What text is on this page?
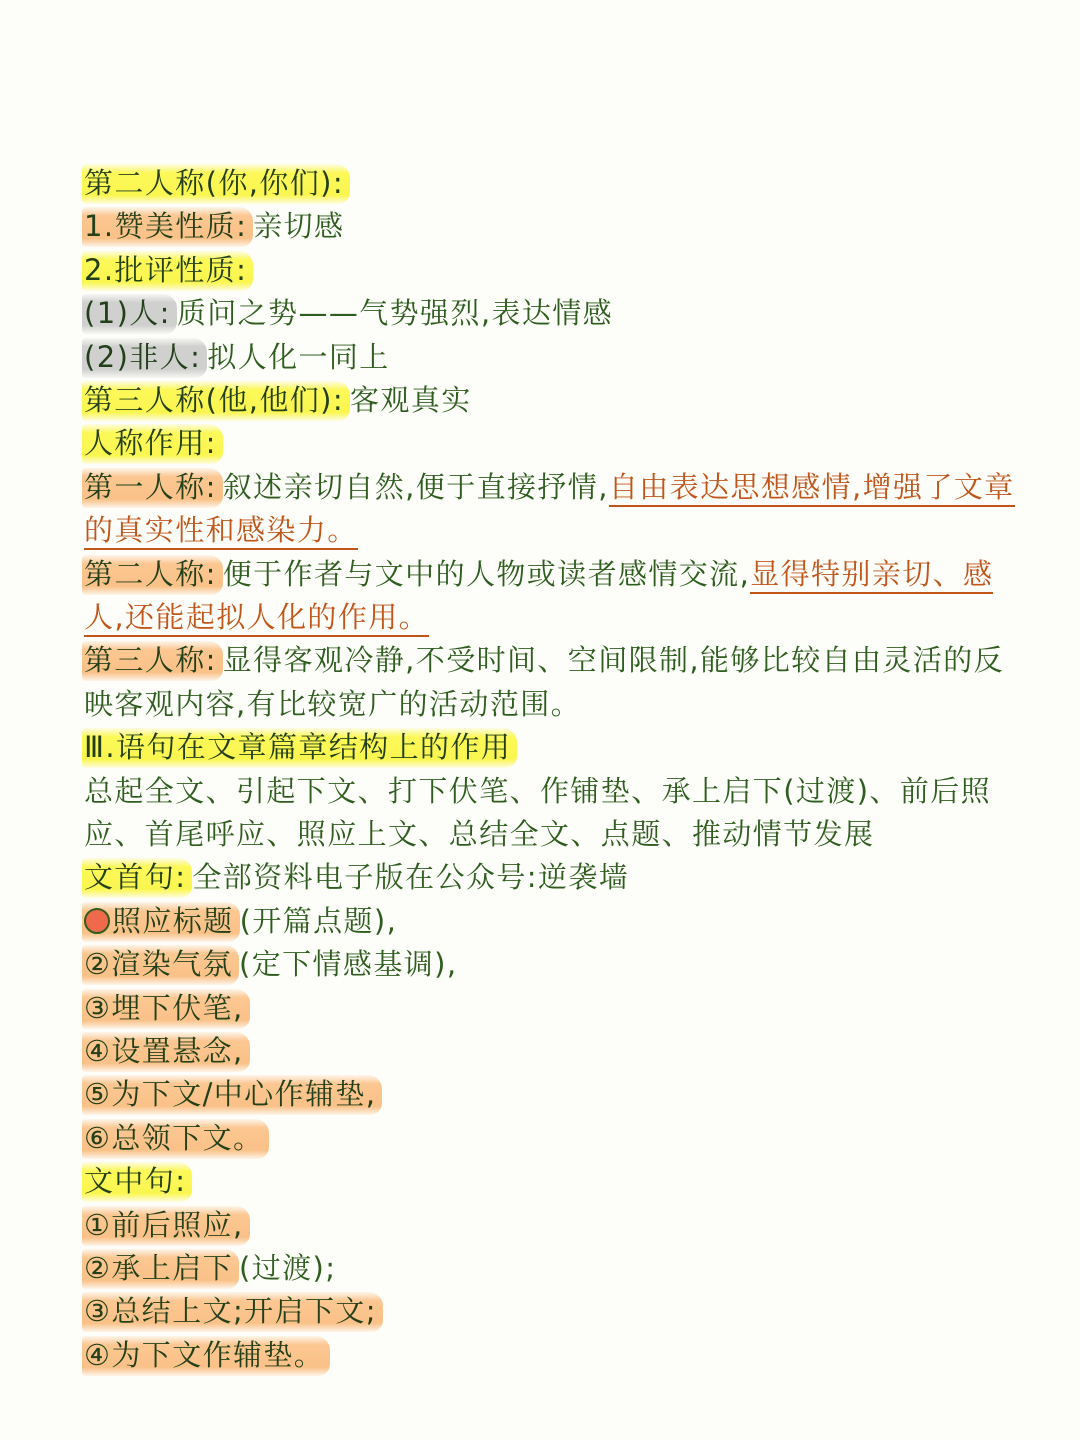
第二人称(你,你们):
1.赞美性质: 亲切感
2.批评性质:
(1)人: 质问之势——气势强烈,表达情感
(2)非人: 拟人化一同上
第三人称(他,他们): 客观真实
人称作用:
第一人称: 叙述亲切自然,便于直接抒情,自由表达思想感情,增强了文章的真实性和感染力。
第二人称: 便于作者与文中的人物或读者感情交流,显得特别亲切、感人,还能起拟人化的作用。
第三人称: 显得客观冷静,不受时间、空间限制,能够比较自由灵活的反映客观内容,有比较宽广的活动范围。
Ⅲ.语句在文章篇章结构上的作用
总起全文、引起下文、打下伏笔、作铺垫、承上启下(过渡)、前后照应、首尾呼应、照应上文、总结全文、点题、推动情节发展
文首句: 全部资料电子版在公众号:逆袭墙
照应标题 (开篇点题),
②渲染气氛 (定下情感基调),
③埋下伏笔,
④设置悬念,
⑤为下文/中心作辅垫,
⑥总领下文。
文中句:
①前后照应,
②承上启下 (过渡);
③总结上文;开启下文;
④为下文作辅垫。
